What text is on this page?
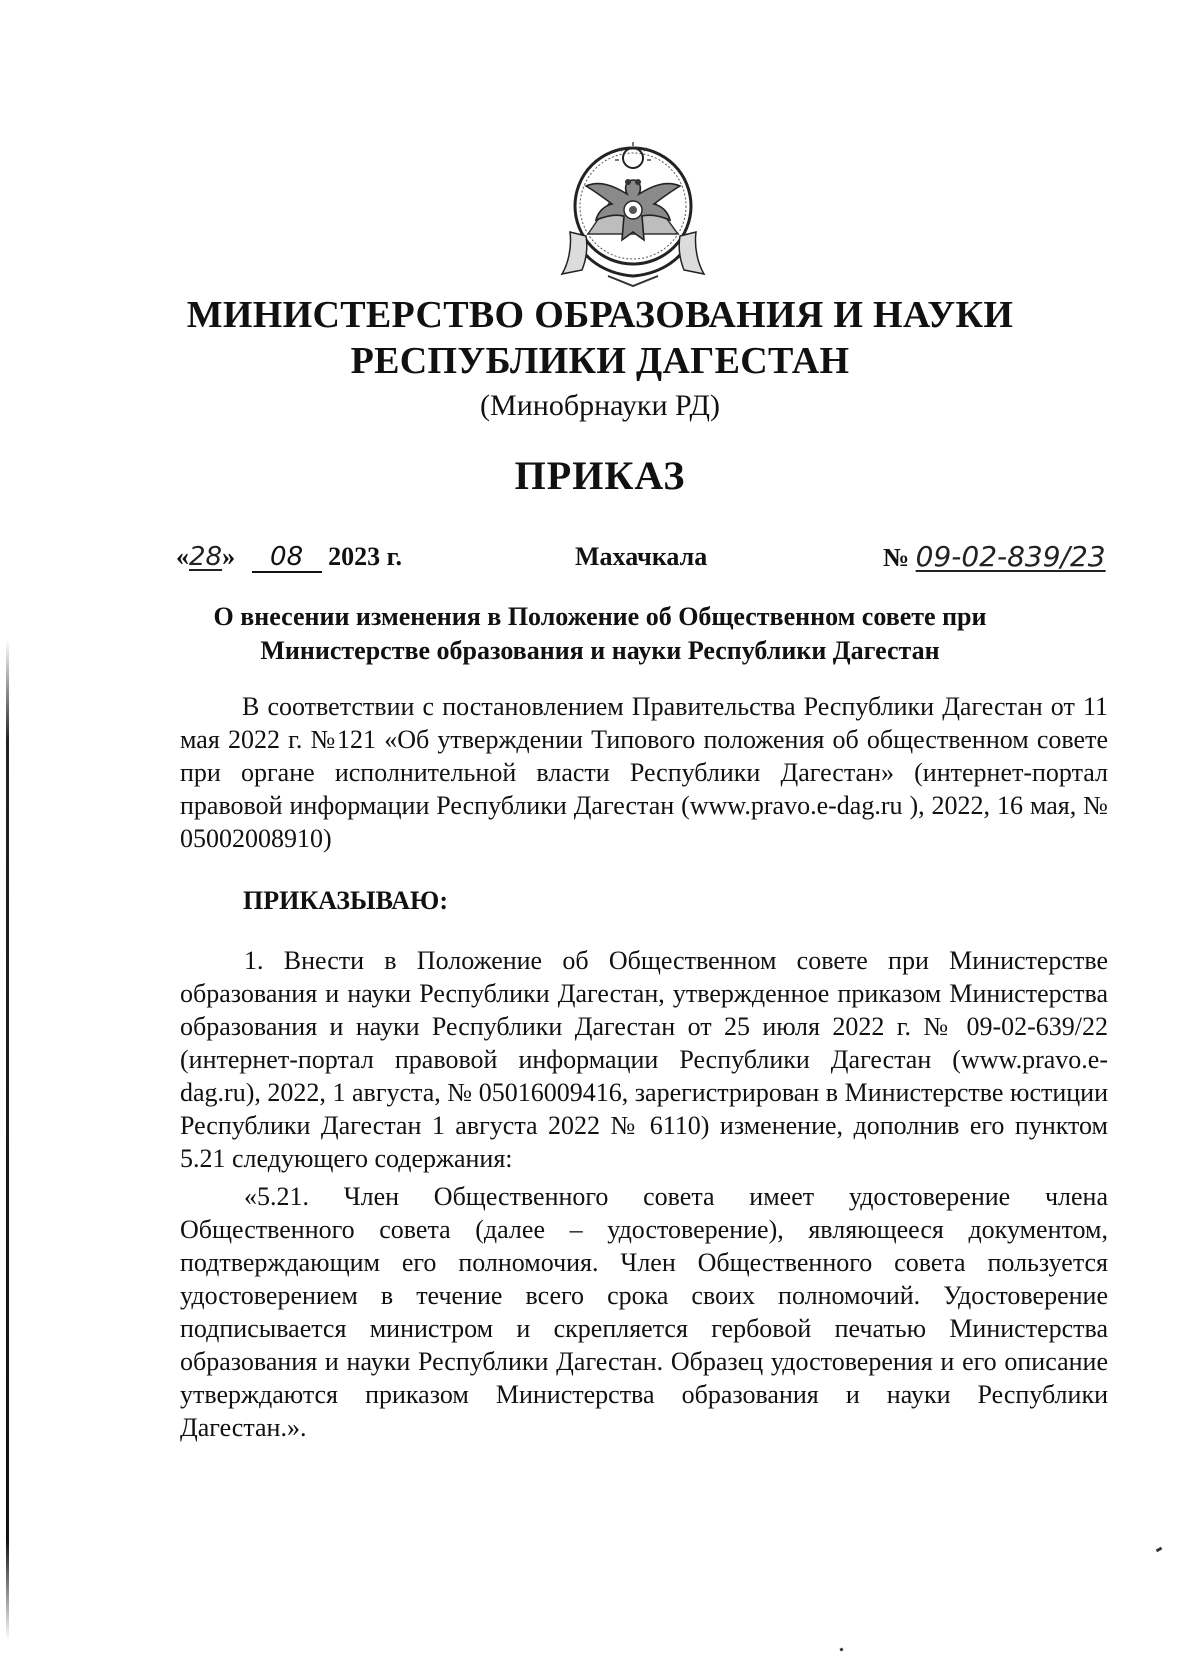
МИНИСТЕРСТВО ОБРАЗОВАНИЯ И НАУКИ
РЕСПУБЛИКИ ДАГЕСТАН
(Минобрнауки РД)
ПРИКАЗ
«28» 08 2023 г.	Махачкала	№ 09-02-839/23
О внесении изменения в Положение об Общественном совете при
Министерстве образования и науки Республики Дагестан
В соответствии с постановлением Правительства Республики Дагестан от 11 мая 2022 г. №121 «Об утверждении Типового положения об общественном совете при органе исполнительной власти Республики Дагестан» (интернет-портал правовой информации Республики Дагестан (www.pravo.e-dag.ru ), 2022, 16 мая, № 05002008910)
ПРИКАЗЫВАЮ:
1. Внести в Положение об Общественном совете при Министерстве образования и науки Республики Дагестан, утвержденное приказом Министерства образования и науки Республики Дагестан от 25 июля 2022 г. № 09-02-639/22 (интернет-портал правовой информации Республики Дагестан (www.pravo.e-dag.ru), 2022, 1 августа, № 05016009416, зарегистрирован в Министерстве юстиции Республики Дагестан 1 августа 2022 № 6110) изменение, дополнив его пунктом 5.21 следующего содержания:
«5.21. Член Общественного совета имеет удостоверение члена Общественного совета (далее – удостоверение), являющееся документом, подтверждающим его полномочия. Член Общественного совета пользуется удостоверением в течение всего срока своих полномочий. Удостоверение подписывается министром и скрепляется гербовой печатью Министерства образования и науки Республики Дагестан. Образец удостоверения и его описание утверждаются приказом Министерства образования и науки Республики Дагестан.».
